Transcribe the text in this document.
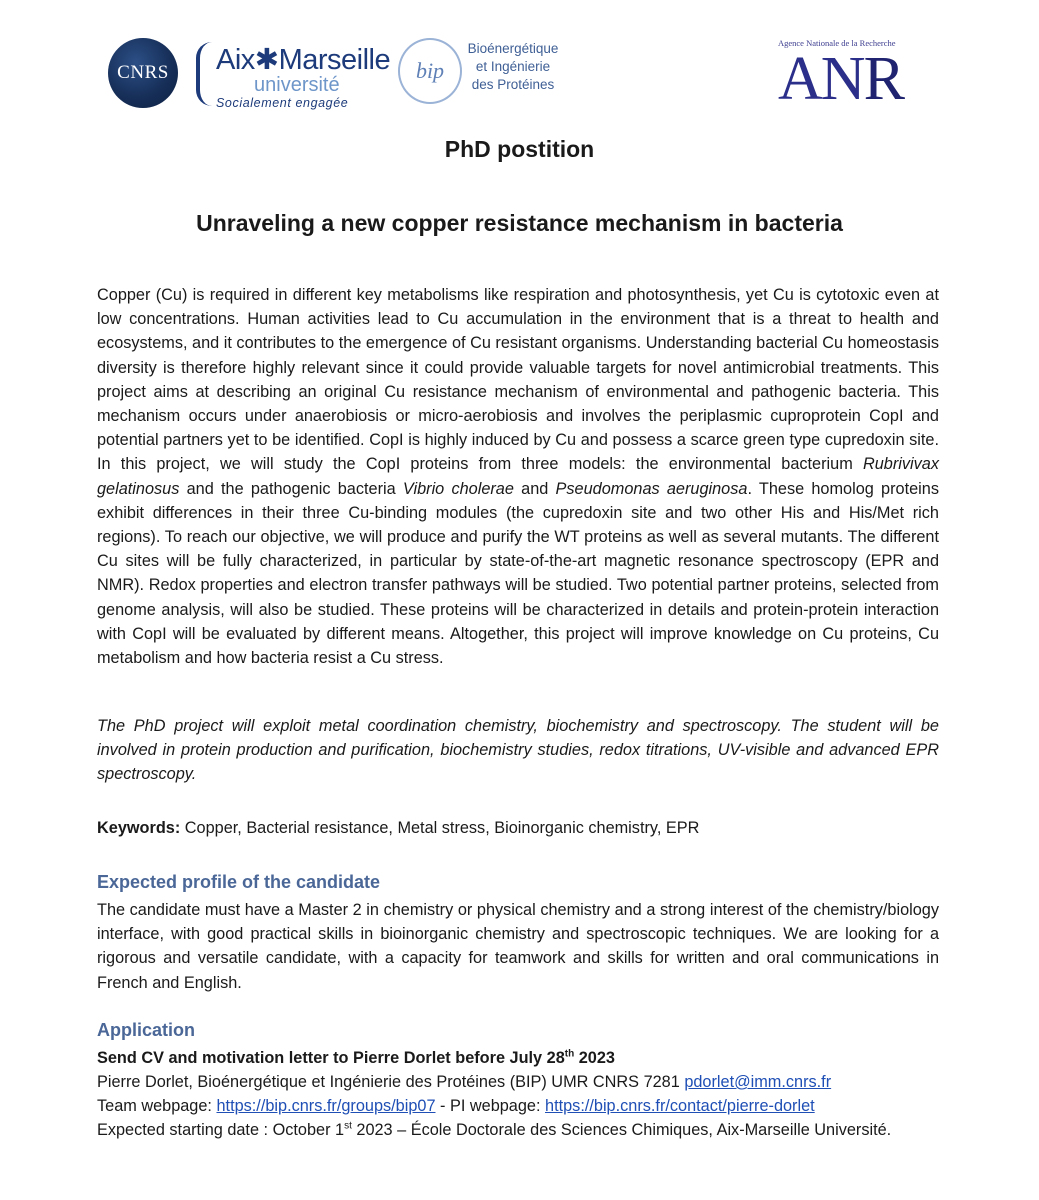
CNRS Aix✱Marseille
université
Socialement engagée
bip
Bioénergétique
et Ingénierie
des Protéines
Agence Nationale de la Recherche
ANR
PhD postition
Unraveling a new copper resistance mechanism in bacteria
Copper (Cu) is required in different key metabolisms like respiration and photosynthesis, yet Cu is cytotoxic even at low concentrations. Human activities lead to Cu accumulation in the environment that is a threat to health and ecosystems, and it contributes to the emergence of Cu resistant organisms. Understanding bacterial Cu homeostasis diversity is therefore highly relevant since it could provide valuable targets for novel antimicrobial treatments. This project aims at describing an original Cu resistance mechanism of environmental and pathogenic bacteria. This mechanism occurs under anaerobiosis or micro-aerobiosis and involves the periplasmic cuproprotein CopI and potential partners yet to be identified. CopI is highly induced by Cu and possess a scarce green type cupredoxin site. In this project, we will study the CopI proteins from three models: the environmental bacterium Rubrivivax gelatinosus and the pathogenic bacteria Vibrio cholerae and Pseudomonas aeruginosa. These homolog proteins exhibit differences in their three Cu-binding modules (the cupredoxin site and two other His and His/Met rich regions). To reach our objective, we will produce and purify the WT proteins as well as several mutants. The different Cu sites will be fully characterized, in particular by state-of-the-art magnetic resonance spectroscopy (EPR and NMR). Redox properties and electron transfer pathways will be studied. Two potential partner proteins, selected from genome analysis, will also be studied. These proteins will be characterized in details and protein-protein interaction with CopI will be evaluated by different means. Altogether, this project will improve knowledge on Cu proteins, Cu metabolism and how bacteria resist a Cu stress.
The PhD project will exploit metal coordination chemistry, biochemistry and spectroscopy. The student will be involved in protein production and purification, biochemistry studies, redox titrations, UV-visible and advanced EPR spectroscopy.
Keywords: Copper, Bacterial resistance, Metal stress, Bioinorganic chemistry, EPR
Expected profile of the candidate
The candidate must have a Master 2 in chemistry or physical chemistry and a strong interest of the chemistry/biology interface, with good practical skills in bioinorganic chemistry and spectroscopic techniques. We are looking for a rigorous and versatile candidate, with a capacity for teamwork and skills for written and oral communications in French and English.
Application
Send CV and motivation letter to Pierre Dorlet before July 28th 2023
Pierre Dorlet, Bioénergétique et Ingénierie des Protéines (BIP) UMR CNRS 7281 pdorlet@imm.cnrs.fr
Team webpage: https://bip.cnrs.fr/groups/bip07 - PI webpage: https://bip.cnrs.fr/contact/pierre-dorlet
Expected starting date : October 1st 2023 – École Doctorale des Sciences Chimiques, Aix-Marseille Université.
